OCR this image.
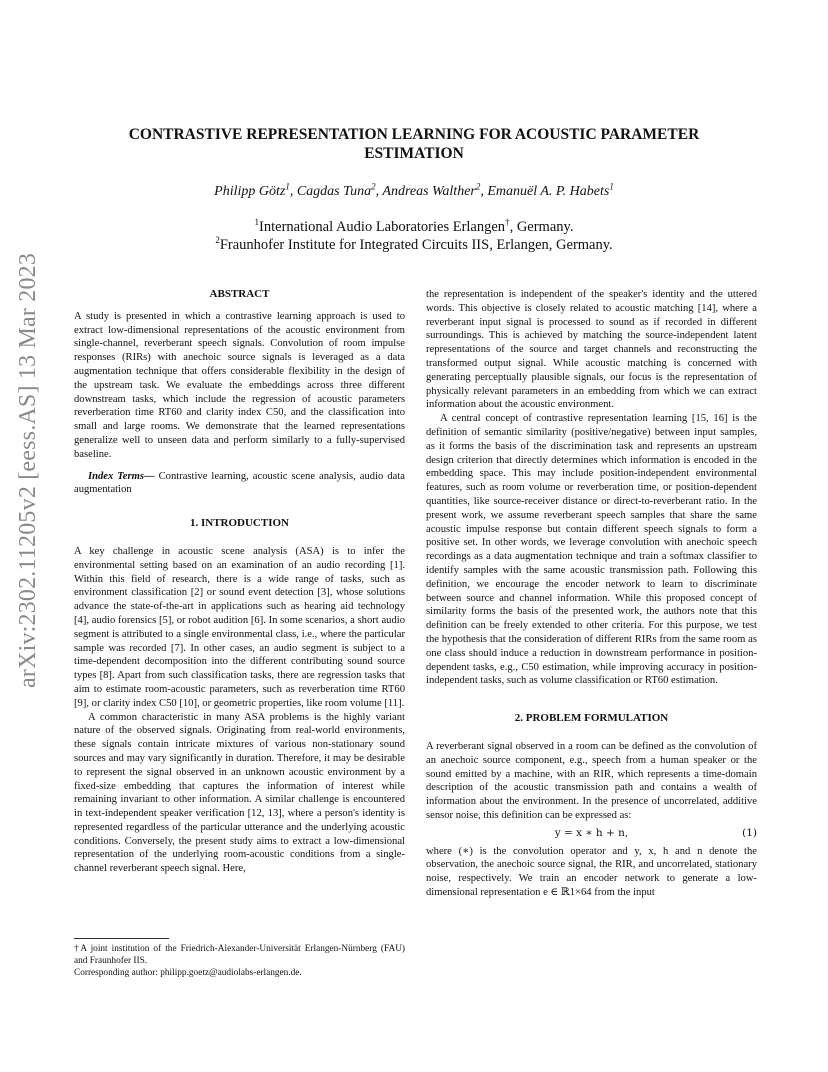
arXiv:2302.11205v2 [eess.AS] 13 Mar 2023
CONTRASTIVE REPRESENTATION LEARNING FOR ACOUSTIC PARAMETER
ESTIMATION
Philipp Götz$^1$, Cagdas Tuna$^2$, Andreas Walther$^2$, Emanuël A. P. Habets$^1$
$^1$International Audio Laboratories Erlangen†, Germany.
$^2$Fraunhofer Institute for Integrated Circuits IIS, Erlangen, Germany.
ABSTRACT

A study is presented in which a contrastive learning approach is used to extract low-dimensional representations of the acoustic environment from single-channel, reverberant speech signals. Convolution of room impulse responses (RIRs) with anechoic source signals is leveraged as a data augmentation technique that offers considerable flexibility in the design of the upstream task. We evaluate the embeddings across three different downstream tasks, which include the regression of acoustic parameters reverberation time RT60 and clarity index C50, and the classification into small and large rooms. We demonstrate that the learned representations generalize well to unseen data and perform similarly to a fully-supervised baseline.

Index Terms— Contrastive learning, acoustic scene analysis, audio data augmentation

1. INTRODUCTION

A key challenge in acoustic scene analysis (ASA) is to infer the environmental setting based on an examination of an audio recording [1]. Within this field of research, there is a wide range of tasks, such as environment classification [2] or sound event detection [3], whose solutions advance the state-of-the-art in applications such as hearing aid technology [4], audio forensics [5], or robot audition [6]. In some scenarios, a short audio segment is attributed to a single environmental class, i.e., where the particular sample was recorded [7]. In other cases, an audio segment is subject to a time-dependent decomposition into the different contributing sound source types [8]. Apart from such classification tasks, there are regression tasks that aim to estimate room-acoustic parameters, such as reverberation time RT60 [9], or clarity index C50 [10], or geometric properties, like room volume [11].

A common characteristic in many ASA problems is the highly variant nature of the observed signals. Originating from real-world environments, these signals contain intricate mixtures of various non-stationary sound sources and may vary significantly in duration. Therefore, it may be desirable to represent the signal observed in an unknown acoustic environment by a fixed-size embedding that captures the information of interest while remaining invariant to other information. A similar challenge is encountered in text-independent speaker verification [12, 13], where a person's identity is represented regardless of the particular utterance and the underlying acoustic conditions. Conversely, the present study aims to extract a low-dimensional representation of the underlying room-acoustic conditions from a single-channel reverberant speech signal. Here,

†A joint institution of the Friedrich-Alexander-Universität Erlangen-Nürnberg (FAU) and Fraunhofer IIS.

Corresponding author: philipp.goetz@audiolabs-erlangen.de.

the representation is independent of the speaker's identity and the uttered words. This objective is closely related to acoustic matching [14], where a reverberant input signal is processed to sound as if recorded in different surroundings. This is achieved by matching the source-independent latent representations of the source and target channels and reconstructing the transformed output signal. While acoustic matching is concerned with generating perceptually plausible signals, our focus is the representation of physically relevant parameters in an embedding from which we can extract information about the acoustic environment.

A central concept of contrastive representation learning [15, 16] is the definition of semantic similarity (positive/negative) between input samples, as it forms the basis of the discrimination task and represents an upstream design criterion that directly determines which information is encoded in the embedding space. This may include position-independent environmental features, such as room volume or reverberation time, or position-dependent quantities, like source-receiver distance or direct-to-reverberant ratio. In the present work, we assume reverberant speech samples that share the same acoustic impulse response but contain different speech signals to form a positive set. In other words, we leverage convolution with anechoic speech recordings as a data augmentation technique and train a softmax classifier to identify samples with the same acoustic transmission path. Following this definition, we encourage the encoder network to learn to discriminate between source and channel information. While this proposed concept of similarity forms the basis of the presented work, the authors note that this definition can be freely extended to other criteria. For this purpose, we test the hypothesis that the consideration of different RIRs from the same room as one class should induce a reduction in downstream performance in position-dependent tasks, e.g., C50 estimation, while improving accuracy in position-independent tasks, such as volume classification or RT60 estimation.

2. PROBLEM FORMULATION

A reverberant signal observed in a room can be defined as the convolution of an anechoic source component, e.g., speech from a human speaker or the sound emitted by a machine, with an RIR, which represents a time-domain description of the acoustic transmission path and contains a wealth of information about the environment. In the presence of uncorrelated, additive sensor noise, this definition can be expressed as:

y = x ∗ h + n,	(1)

where (∗) is the convolution operator and y, x, h and n denote the observation, the anechoic source signal, the RIR, and uncorrelated, stationary noise, respectively. We train an encoder network to generate a low-dimensional representation e ∈ ℝ1×64 from the input
